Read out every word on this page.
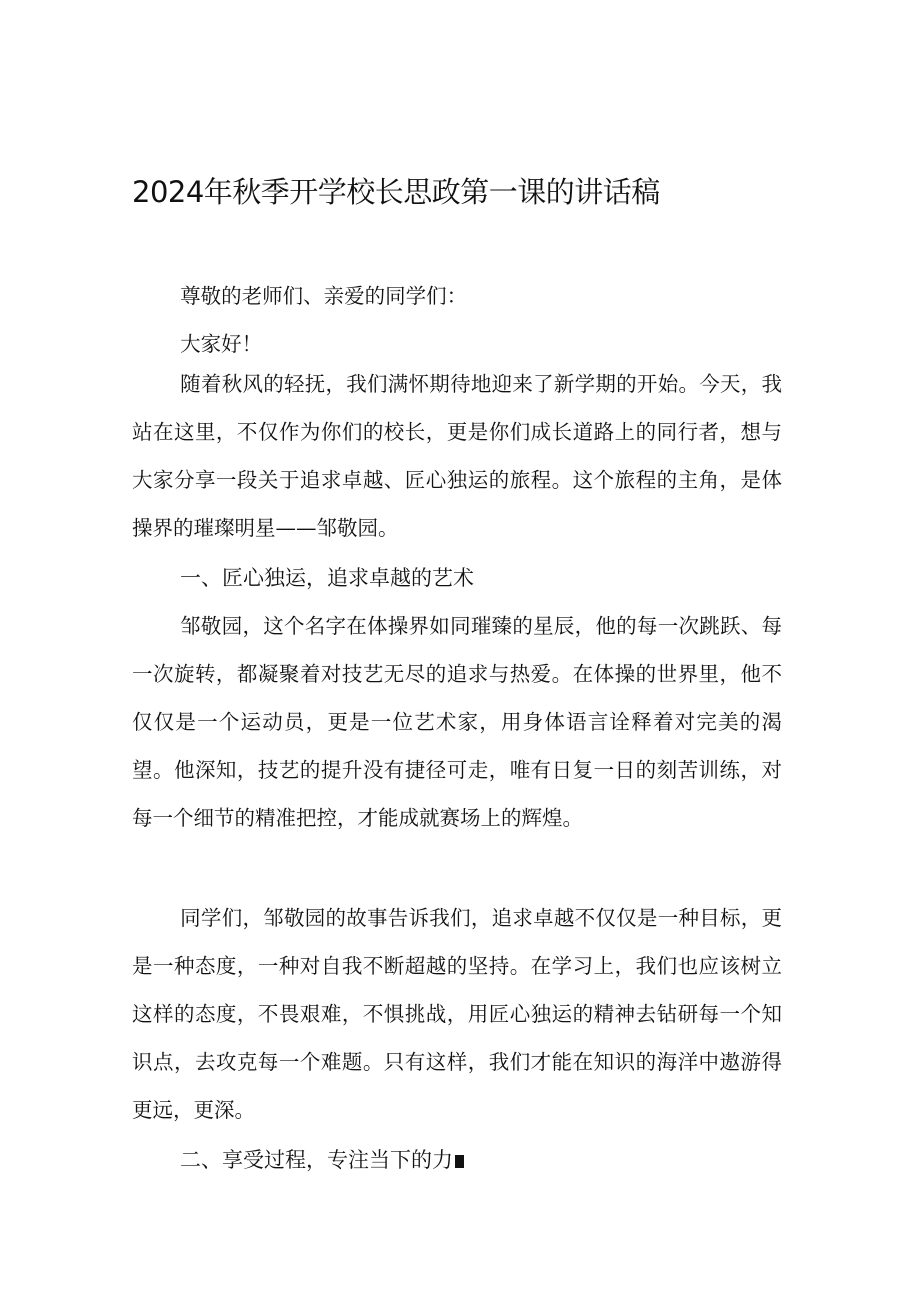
2024年秋季开学校长思政第一课的讲话稿

尊敬的老师们、亲爱的同学们：

大家好！

随着秋风的轻抚，我们满怀期待地迎来了新学期的开始。今天，我站在这里，不仅作为你们的校长，更是你们成长道路上的同行者，想与大家分享一段关于追求卓越、匠心独运的旅程。这个旅程的主角，是体操界的璀璨明星——邹敬园。

一、匠心独运，追求卓越的艺术

邹敬园，这个名字在体操界如同璀臻的星辰，他的每一次跳跃、每一次旋转，都凝聚着对技艺无尽的追求与热爱。在体操的世界里，他不仅仅是一个运动员，更是一位艺术家，用身体语言诠释着对完美的渴望。他深知，技艺的提升没有捷径可走，唯有日复一日的刻苦训练，对每一个细节的精准把控，才能成就赛场上的辉煌。

同学们，邹敬园的故事告诉我们，追求卓越不仅仅是一种目标，更是一种态度，一种对自我不断超越的坚持。在学习上，我们也应该树立这样的态度，不畏艰难，不惧挑战，用匠心独运的精神去钻研每一个知识点，去攻克每一个难题。只有这样，我们才能在知识的海洋中遨游得更远，更深。

二、享受过程，专注当下的力
